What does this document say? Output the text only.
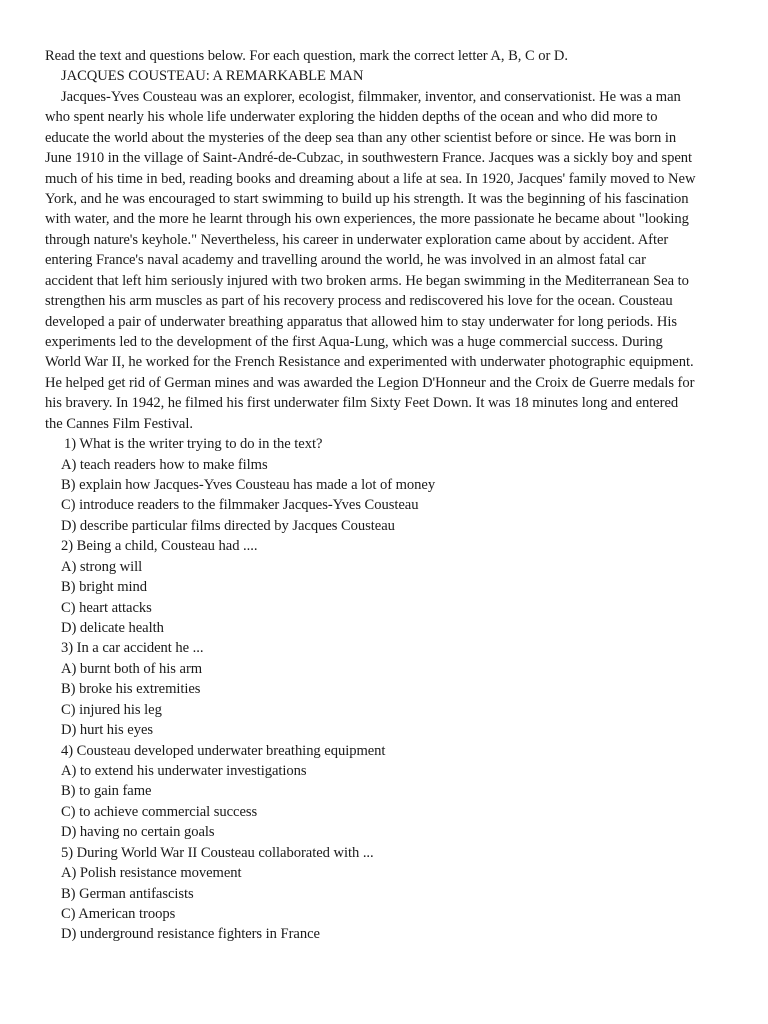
Read the text and questions below. For each question, mark the correct letter A, B, C or D.
JACQUES COUSTEAU: A REMARKABLE MAN
Jacques-Yves Cousteau was an explorer, ecologist, filmmaker, inventor, and conservationist. He was a man
who spent nearly his whole life underwater exploring the hidden depths of the ocean and who did more to
educate the world about the mysteries of the deep sea than any other scientist before or since. He was born in
June 1910 in the village of Saint-André-de-Cubzac, in southwestern France. Jacques was a sickly boy and spent
much of his time in bed, reading books and dreaming about a life at sea. In 1920, Jacques' family moved to New
York, and he was encouraged to start swimming to build up his strength. It was the beginning of his fascination
with water, and the more he learnt through his own experiences, the more passionate he became about "looking
through nature's keyhole." Nevertheless, his career in underwater exploration came about by accident. After
entering France's naval academy and travelling around the world, he was involved in an almost fatal car
accident that left him seriously injured with two broken arms. He began swimming in the Mediterranean Sea to
strengthen his arm muscles as part of his recovery process and rediscovered his love for the ocean. Cousteau
developed a pair of underwater breathing apparatus that allowed him to stay underwater for long periods. His
experiments led to the development of the first Aqua-Lung, which was a huge commercial success. During
World War II, he worked for the French Resistance and experimented with underwater photographic equipment.
He helped get rid of German mines and was awarded the Legion D'Honneur and the Croix de Guerre medals for
his bravery. In 1942, he filmed his first underwater film Sixty Feet Down. It was 18 minutes long and entered
the Cannes Film Festival.
1) What is the writer trying to do in the text?
A) teach readers how to make films
B) explain how Jacques-Yves Cousteau has made a lot of money
C) introduce readers to the filmmaker Jacques-Yves Cousteau
D) describe particular films directed by Jacques Cousteau
2) Being a child, Cousteau had ....
A) strong will
B) bright mind
C) heart attacks
D) delicate health
3) In a car accident he ...
A) burnt both of his arm
B) broke his extremities
C) injured his leg
D) hurt his eyes
4) Cousteau developed underwater breathing equipment
A) to extend his underwater investigations
B) to gain fame
C) to achieve commercial success
D) having no certain goals
5) During World War II Cousteau collaborated with ...
A) Polish resistance movement
B) German antifascists
C) American troops
D) underground resistance fighters in France
